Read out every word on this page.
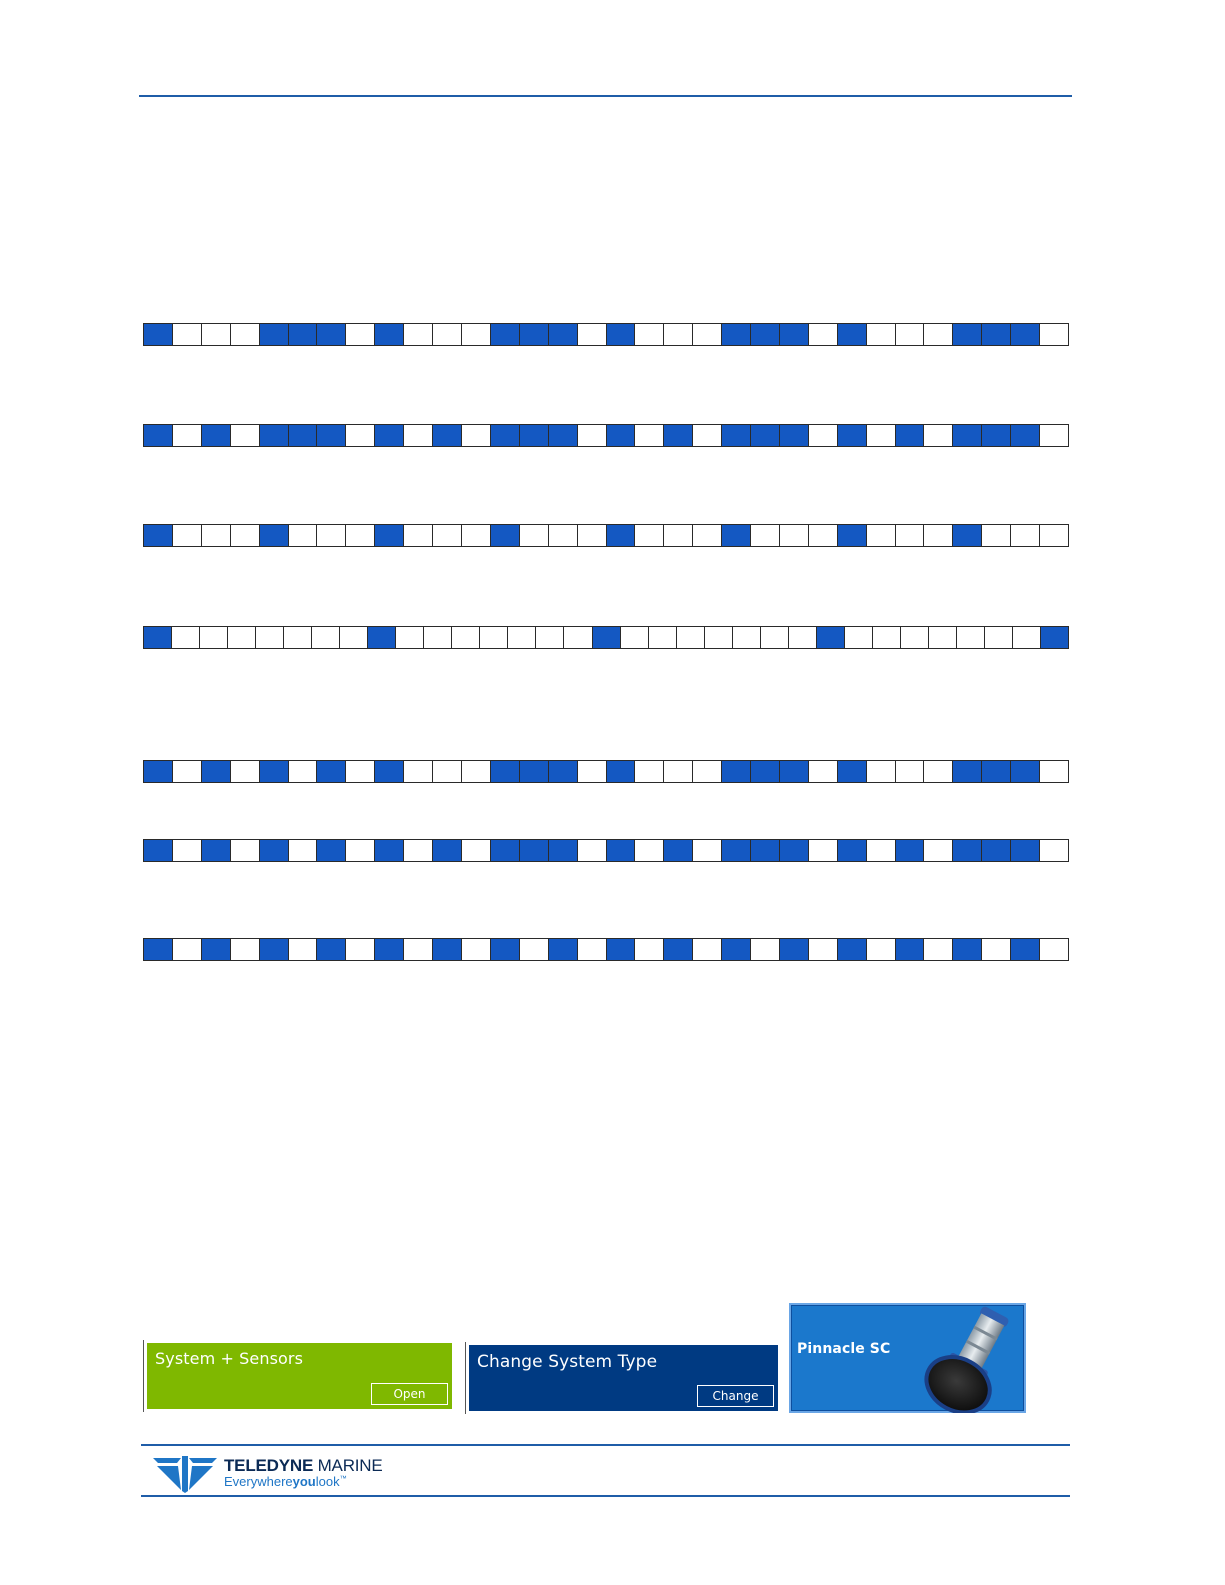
System + Sensors
Open
Change System Type
Change
Pinnacle SC
TELEDYNE MARINE
Everywhereyoulook™
